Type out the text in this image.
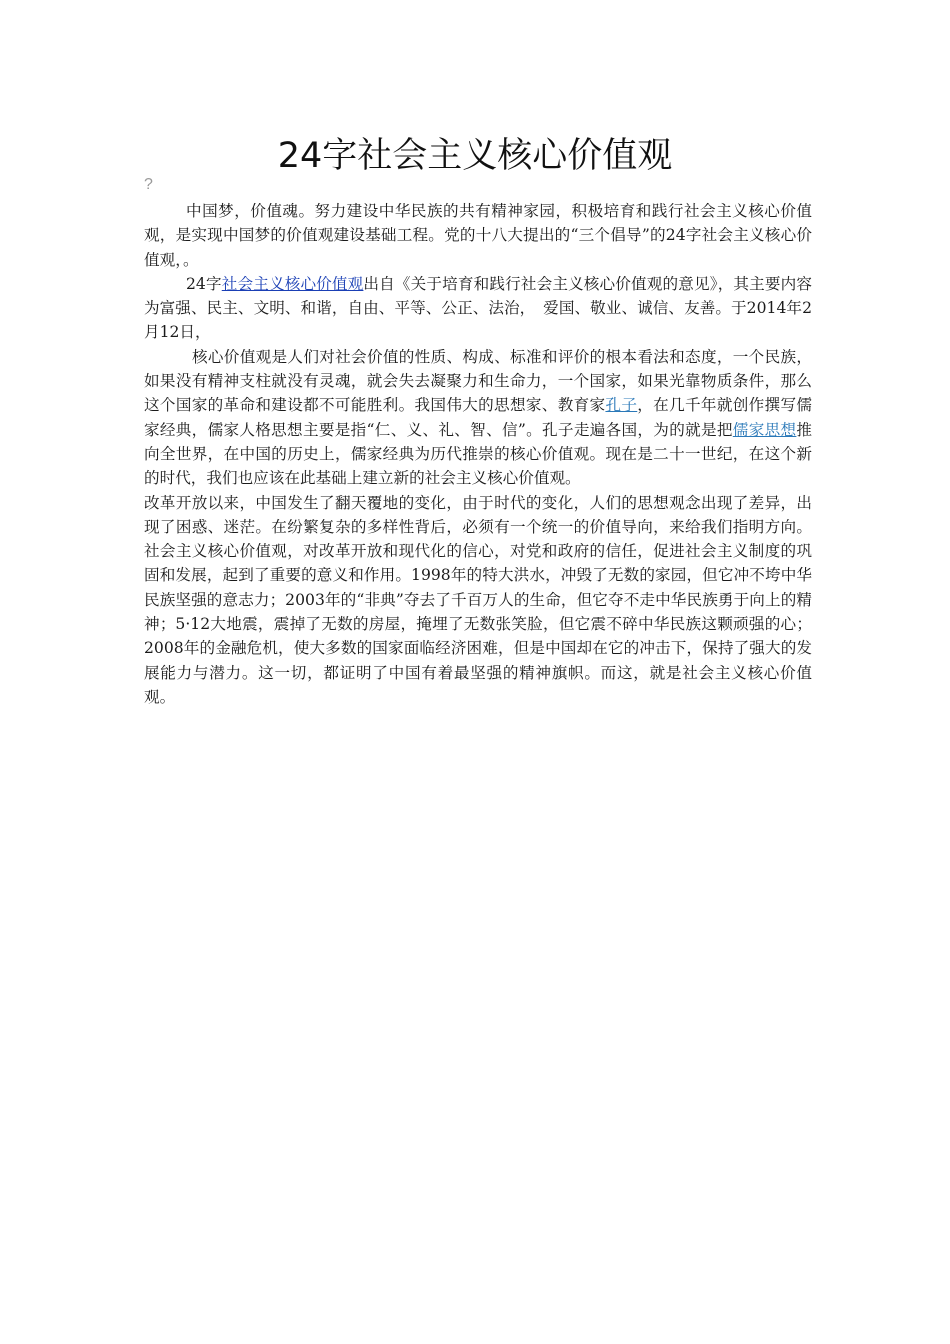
24字社会主义核心价值观
?

中国梦，价值魂。努力建设中华民族的共有精神家园，积极培育和践行社会主义核心价值观，是实现中国梦的价值观建设基础工程。党的十八大提出的“三个倡导”的24字社会主义核心价值观，。

24字社会主义核心价值观出自《关于培育和践行社会主义核心价值观的意见》，其主要内容为富强、民主、文明、和谐，自由、平等、公正、法治，　爱国、敬业、诚信、友善。于2014年2月12日，

核心价值观是人们对社会价值的性质、构成、标准和评价的根本看法和态度，一个民族，如果没有精神支柱就没有灵魂，就会失去凝聚力和生命力，一个国家，如果光靠物质条件，那么这个国家的革命和建设都不可能胜利。我国伟大的思想家、教育家孔子，在几千年就创作撰写儒家经典，儒家人格思想主要是指“仁、义、礼、智、信”。孔子走遍各国，为的就是把儒家思想推向全世界，在中国的历史上，儒家经典为历代推崇的核心价值观。现在是二十一世纪，在这个新的时代，我们也应该在此基础上建立新的社会主义核心价值观。

改革开放以来，中国发生了翻天覆地的变化，由于时代的变化，人们的思想观念出现了差异，出现了困惑、迷茫。在纷繁复杂的多样性背后，必须有一个统一的价值导向，来给我们指明方向。社会主义核心价值观，对改革开放和现代化的信心，对党和政府的信任，促进社会主义制度的巩固和发展，起到了重要的意义和作用。1998年的特大洪水，冲毁了无数的家园，但它冲不垮中华民族坚强的意志力；2003年的“非典”夺去了千百万人的生命，但它夺不走中华民族勇于向上的精神；5·12大地震，震掉了无数的房屋，掩埋了无数张笑脸，但它震不碎中华民族这颗顽强的心；2008年的金融危机，使大多数的国家面临经济困难，但是中国却在它的冲击下，保持了强大的发展能力与潜力。这一切，都证明了中国有着最坚强的精神旗帜。而这，就是社会主义核心价值观。
